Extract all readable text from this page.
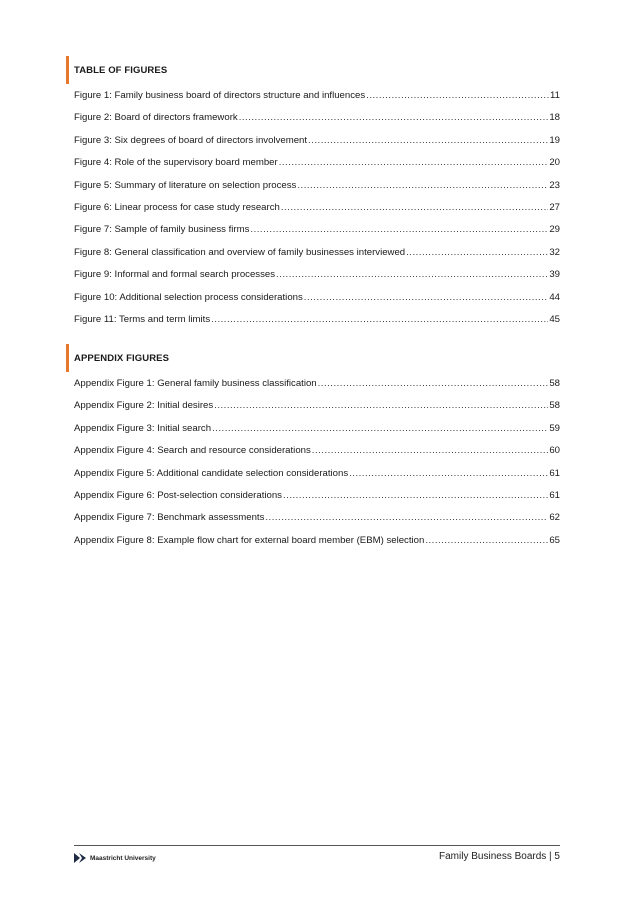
TABLE OF FIGURES
Figure 1: Family business board of directors structure and influences .....	11
Figure 2: Board of directors framework .....	18
Figure 3: Six degrees of board of directors involvement .....	19
Figure 4: Role of the supervisory board member .....	20
Figure 5: Summary of literature on selection process .....	23
Figure 6: Linear process for case study research .....	27
Figure 7: Sample of family business firms .....	29
Figure 8: General classification and overview of family businesses interviewed .....	32
Figure 9: Informal and formal search processes .....	39
Figure 10: Additional selection process considerations .....	44
Figure 11: Terms and term limits .....	45
APPENDIX FIGURES
Appendix Figure 1: General family business classification .....	58
Appendix Figure 2: Initial desires .....	58
Appendix Figure 3: Initial search .....	59
Appendix Figure 4: Search and resource considerations .....	60
Appendix Figure 5: Additional candidate selection considerations .....	61
Appendix Figure 6: Post-selection considerations .....	61
Appendix Figure 7: Benchmark assessments .....	62
Appendix Figure 8: Example flow chart for external board member (EBM) selection .....	65
Maastricht University	Family Business Boards | 5
